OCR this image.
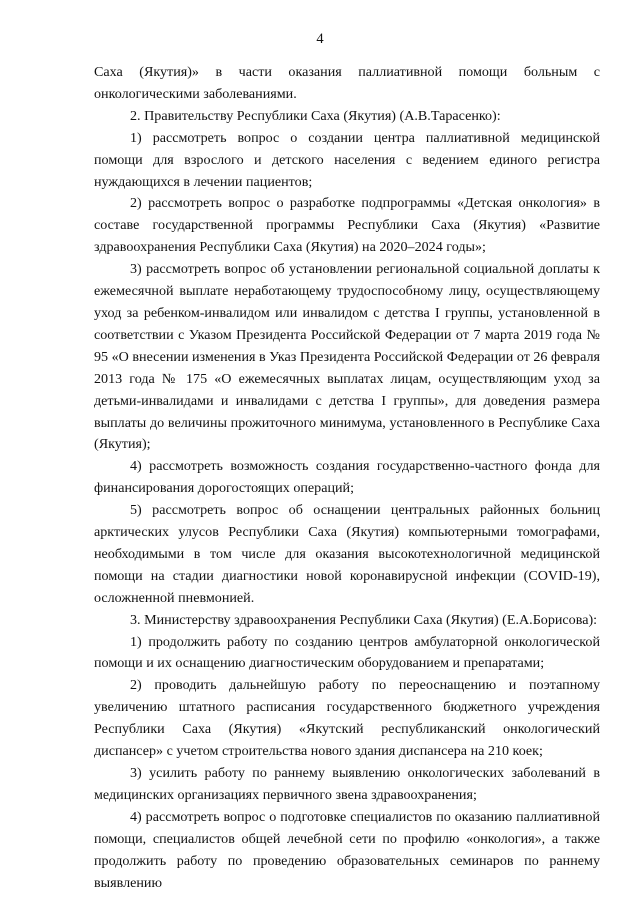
4

Саха (Якутия)» в части оказания паллиативной помощи больным с онкологическими заболеваниями.

2. Правительству Республики Саха (Якутия) (А.В.Тарасенко):

1) рассмотреть вопрос о создании центра паллиативной медицинской помощи для взрослого и детского населения с ведением единого регистра нуждающихся в лечении пациентов;

2) рассмотреть вопрос о разработке подпрограммы «Детская онкология» в составе государственной программы Республики Саха (Якутия) «Развитие здравоохранения Республики Саха (Якутия) на 2020–2024 годы»;

3) рассмотреть вопрос об установлении региональной социальной доплаты к ежемесячной выплате неработающему трудоспособному лицу, осуществляющему уход за ребенком-инвалидом или инвалидом с детства I группы, установленной в соответствии с Указом Президента Российской Федерации от 7 марта 2019 года № 95 «О внесении изменения в Указ Президента Российской Федерации от 26 февраля 2013 года № 175 «О ежемесячных выплатах лицам, осуществляющим уход за детьми-инвалидами и инвалидами с детства I группы», для доведения размера выплаты до величины прожиточного минимума, установленного в Республике Саха (Якутия);

4) рассмотреть возможность создания государственно-частного фонда для финансирования дорогостоящих операций;

5) рассмотреть вопрос об оснащении центральных районных больниц арктических улусов Республики Саха (Якутия) компьютерными томографами, необходимыми в том числе для оказания высокотехнологичной медицинской помощи на стадии диагностики новой коронавирусной инфекции (COVID-19), осложненной пневмонией.

3. Министерству здравоохранения Республики Саха (Якутия) (Е.А.Борисова):

1) продолжить работу по созданию центров амбулаторной онкологической помощи и их оснащению диагностическим оборудованием и препаратами;

2) проводить дальнейшую работу по переоснащению и поэтапному увеличению штатного расписания государственного бюджетного учреждения Республики Саха (Якутия) «Якутский республиканский онкологический диспансер» с учетом строительства нового здания диспансера на 210 коек;

3) усилить работу по раннему выявлению онкологических заболеваний в медицинских организациях первичного звена здравоохранения;

4) рассмотреть вопрос о подготовке специалистов по оказанию паллиативной помощи, специалистов общей лечебной сети по профилю «онкология», а также продолжить работу по проведению образовательных семинаров по раннему выявлению
